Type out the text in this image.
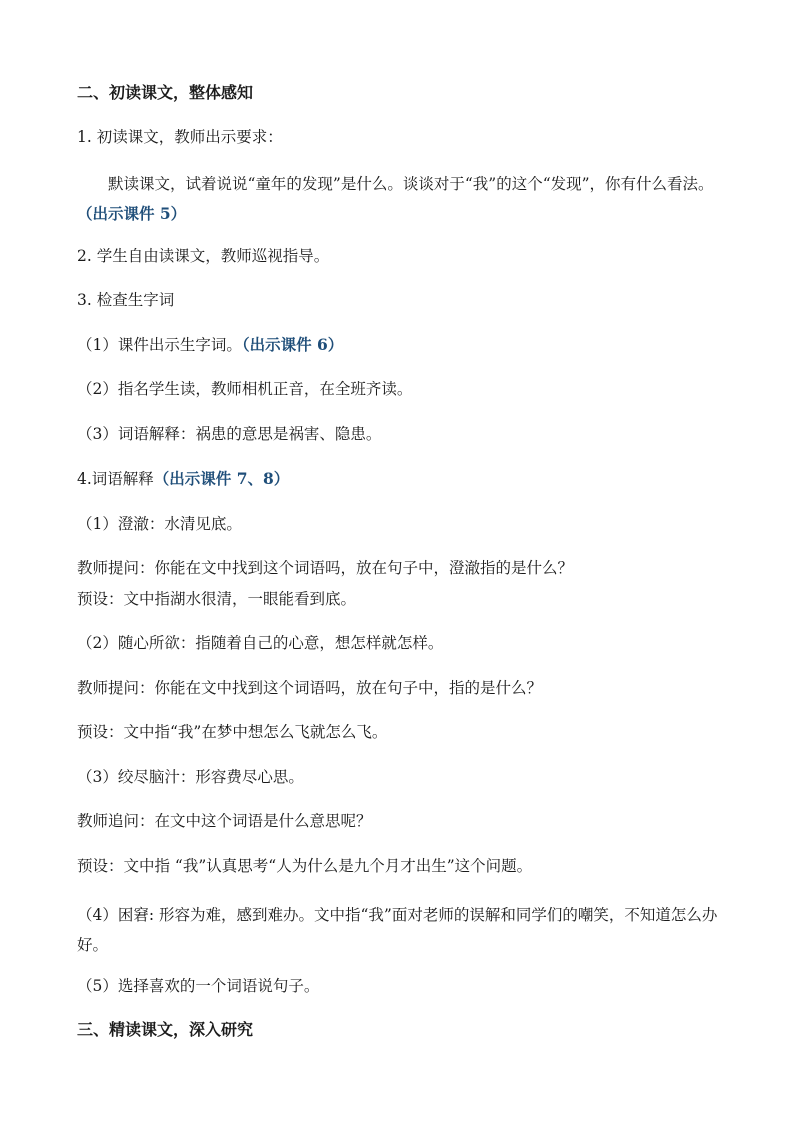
二、初读课文，整体感知
1. 初读课文，教师出示要求：
默读课文，试着说说“童年的发现”是什么。谈谈对于“我”的这个“发现”，你有什么看法。（出示课件 5）
2. 学生自由读课文，教师巡视指导。
3. 检查生字词
（1）课件出示生字词。（出示课件 6）
（2）指名学生读，教师相机正音，在全班齐读。
（3）词语解释：祸患的意思是祸害、隐患。
4.词语解释（出示课件 7、8）
（1）澄澈：水清见底。
教师提问：你能在文中找到这个词语吗，放在句子中，澄澈指的是什么？
预设：文中指湖水很清，一眼能看到底。
（2）随心所欲：指随着自己的心意，想怎样就怎样。
教师提问：你能在文中找到这个词语吗，放在句子中，指的是什么？
预设：文中指“我”在梦中想怎么飞就怎么飞。
（3）绞尽脑汁：形容费尽心思。
教师追问：在文中这个词语是什么意思呢？
预设：文中指 “我”认真思考“人为什么是九个月才出生”这个问题。
（4）困窘: 形容为难，感到难办。文中指“我”面对老师的误解和同学们的嘲笑，不知道怎么办好。
（5）选择喜欢的一个词语说句子。
三、精读课文，深入研究
